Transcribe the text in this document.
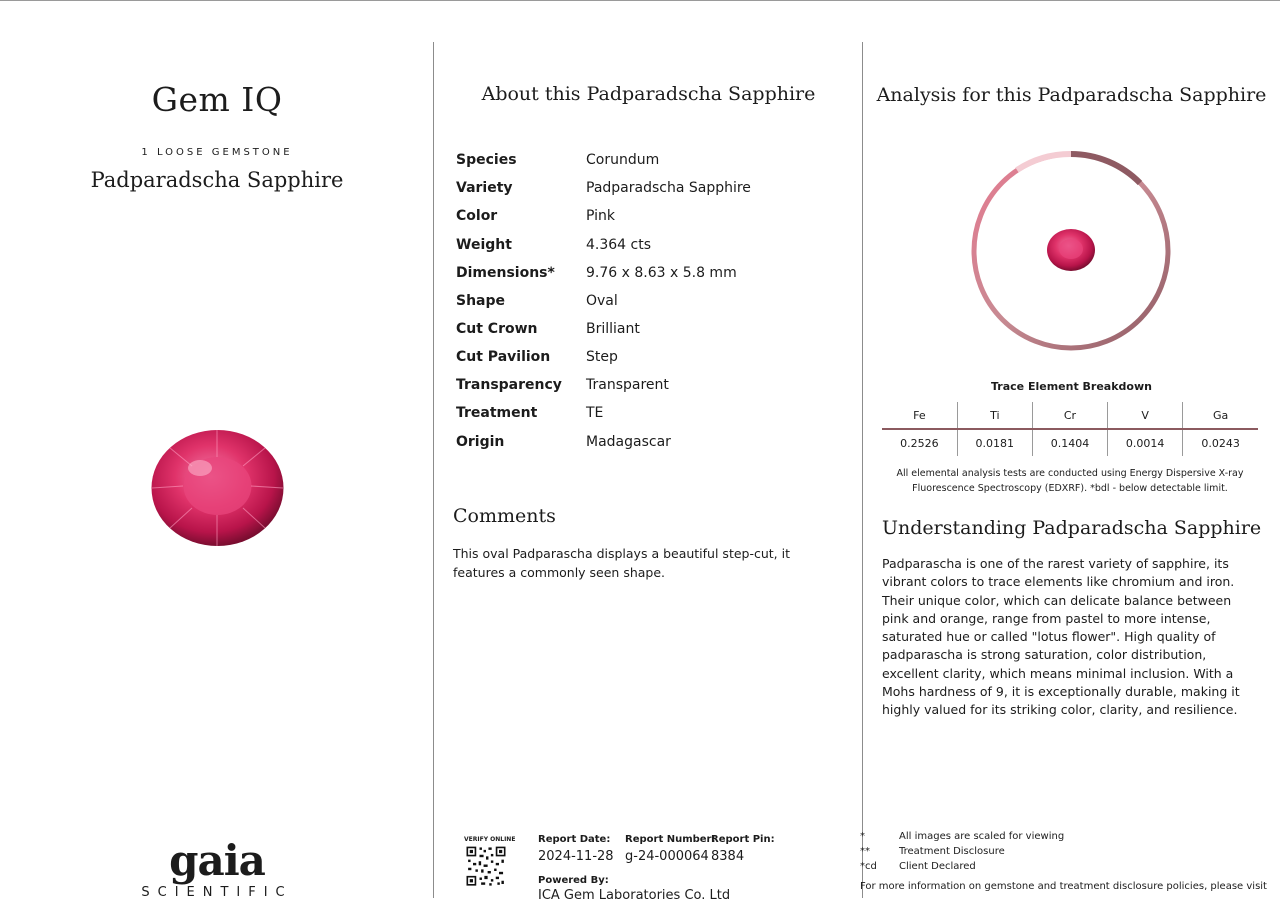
Gem IQ
1 LOOSE GEMSTONE
Padparadscha Sapphire
gaia
SCIENTIFIC
About this Padparadscha Sapphire
Species	Corundum
Variety	Padparadscha Sapphire
Color	Pink
Weight	4.364 cts
Dimensions*	9.76 x 8.63 x 5.8 mm
Shape	Oval
Cut Crown	Brilliant
Cut Pavilion	Step
Transparency	Transparent
Treatment	TE
Origin	Madagascar
Comments
This oval Padparascha displays a beautiful step-cut, it features a commonly seen shape.
VERIFY ONLINE Report Date:
2024-11-28
Report Number:
g-24-000064
Report Pin:
8384
Powered By:
ICA Gem Laboratories Co. Ltd
Analysis for this Padparadscha Sapphire
Trace Element Breakdown
Fe	Ti	Cr	V	Ga
0.2526	0.0181	0.1404	0.0014	0.0243
All elemental analysis tests are conducted using Energy Dispersive X-ray Fluorescence Spectroscopy (EDXRF). *bdl - below detectable limit.
Understanding Padparadscha Sapphire
Padparascha is one of the rarest variety of sapphire, its vibrant colors to trace elements like chromium and iron. Their unique color, which can delicate balance between pink and orange, range from pastel to more intense, saturated hue or called "lotus flower". High quality of padparascha is strong saturation, color distribution, excellent clarity, which means minimal inclusion. With a Mohs hardness of 9, it is exceptionally durable, making it highly valued for its striking color, clarity, and resilience.
*	All images are scaled for viewing
**	Treatment Disclosure
*cd Client Declared
For more information on gemstone and treatment disclosure policies, please visit
